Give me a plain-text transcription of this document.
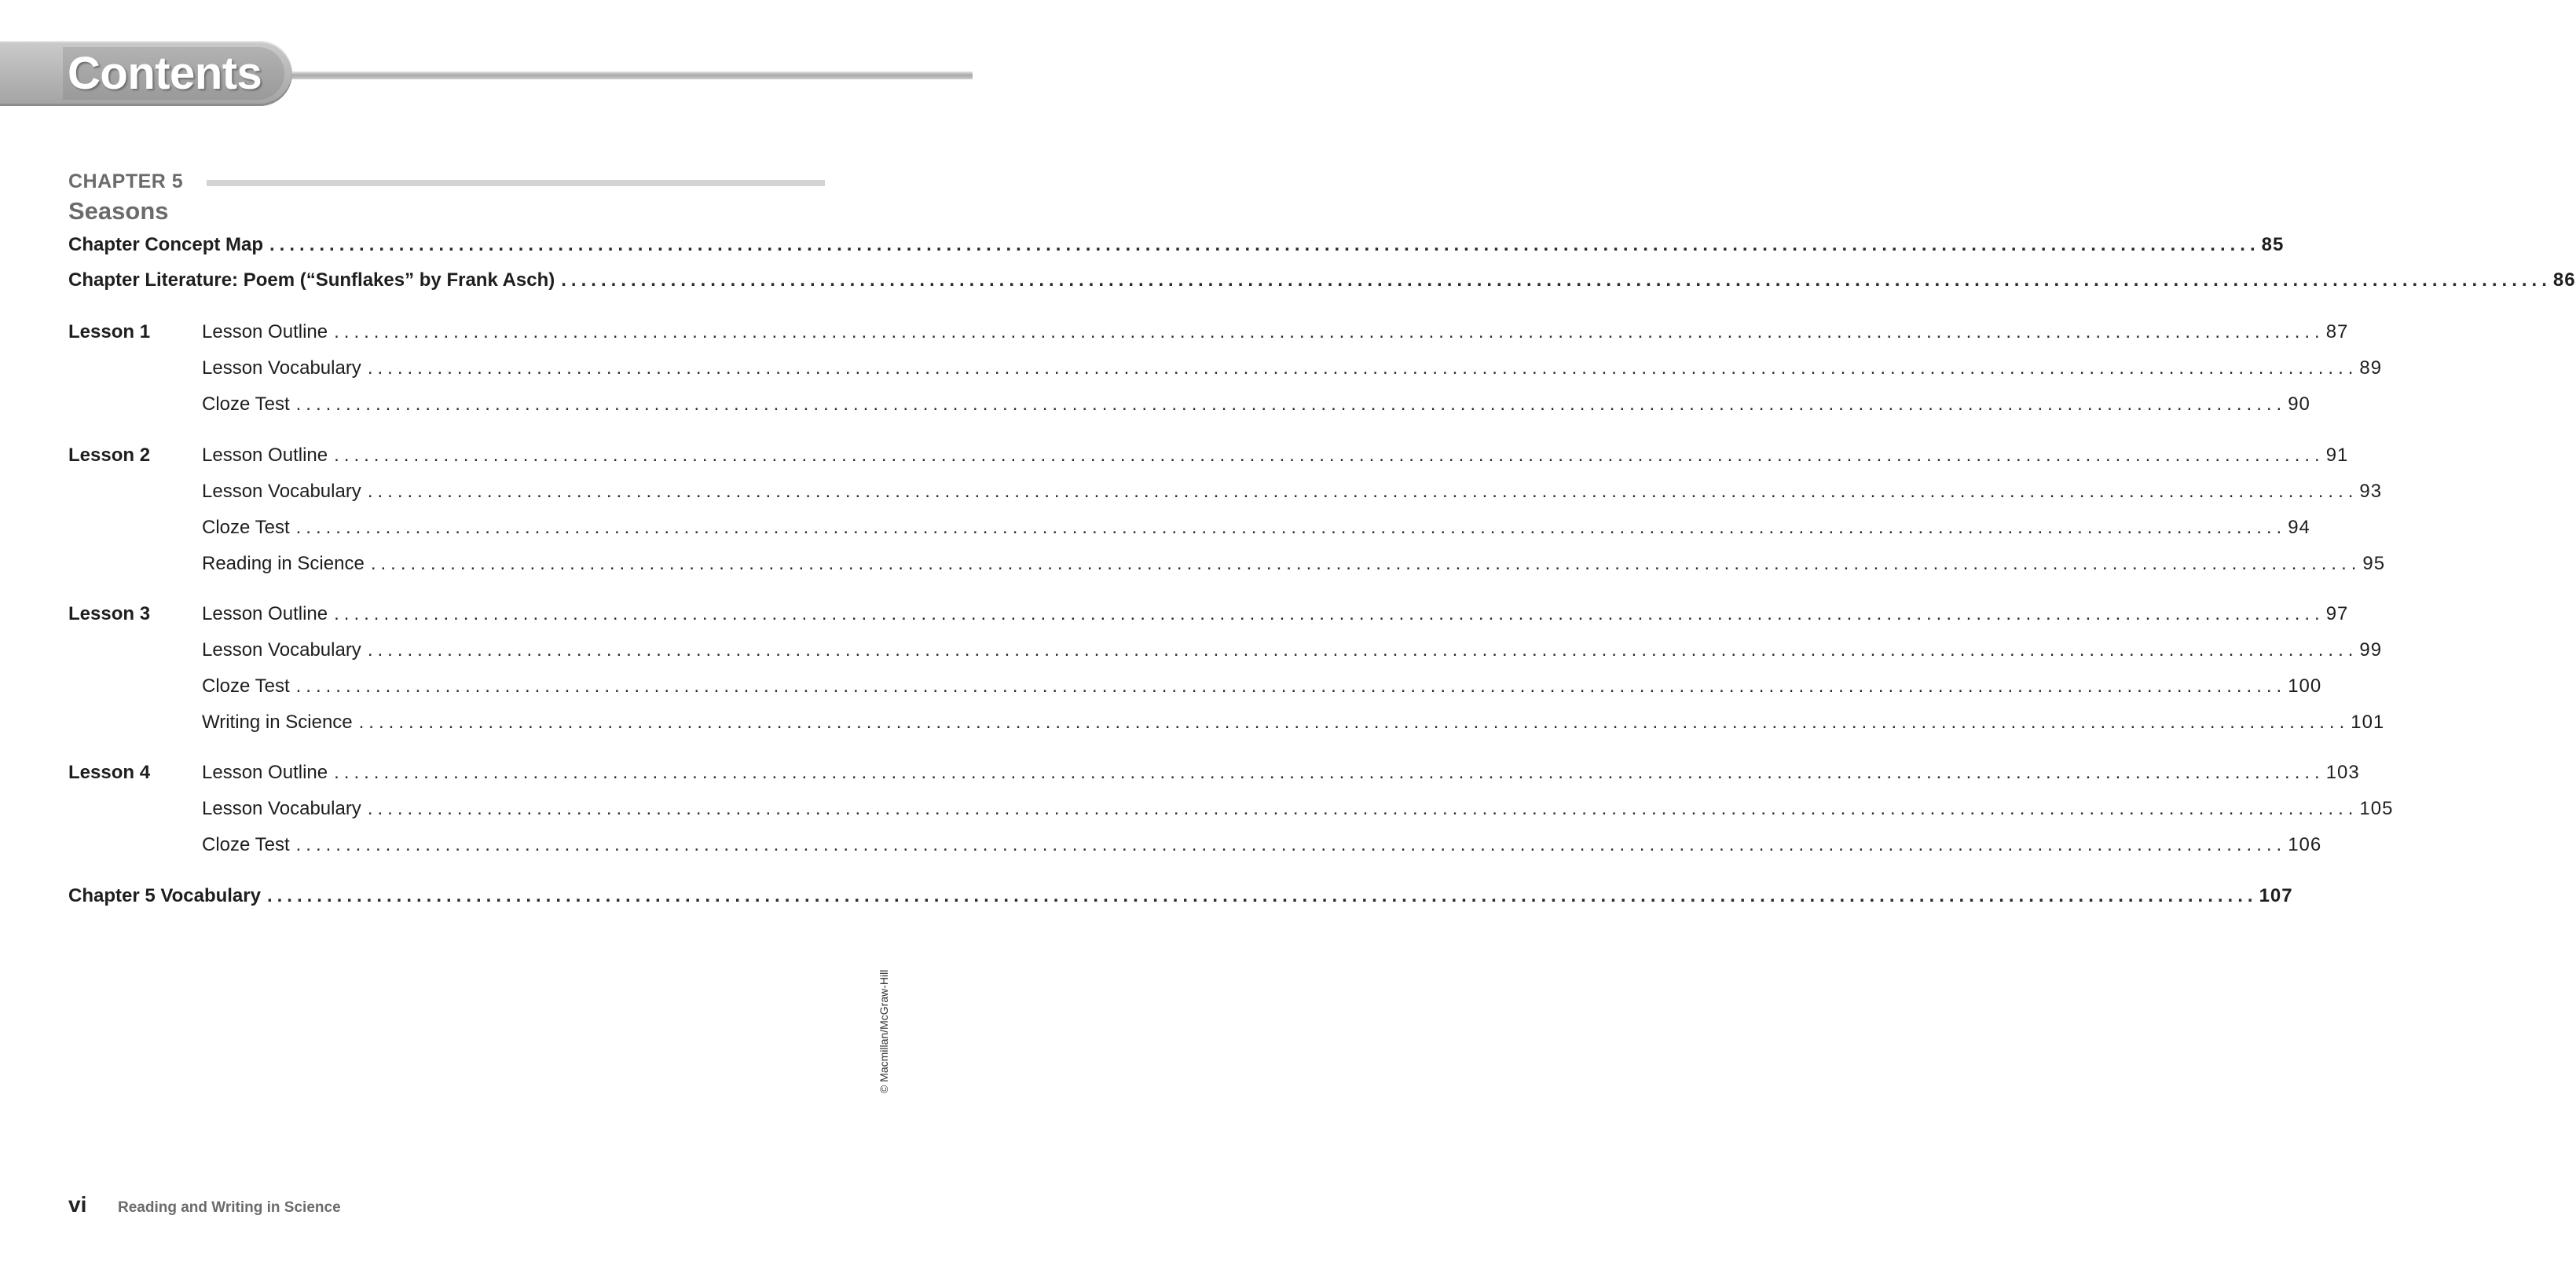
Contents
CHAPTER 5
Seasons
Chapter Concept Map ........................................................................................................................................................................................................ 85
Chapter Literature: Poem (“Sunflakes” by Frank Asch) ........................................................................................................................................................................................................ 86
Lesson 1	Lesson Outline ........................................................................................................................................................................................................ 87
Lesson Vocabulary ........................................................................................................................................................................................................ 89
Cloze Test ........................................................................................................................................................................................................ 90
Lesson 2	Lesson Outline ........................................................................................................................................................................................................ 91
Lesson Vocabulary ........................................................................................................................................................................................................ 93
Cloze Test ........................................................................................................................................................................................................ 94
Reading in Science ........................................................................................................................................................................................................ 95
Lesson 3	Lesson Outline ........................................................................................................................................................................................................ 97
Lesson Vocabulary ........................................................................................................................................................................................................ 99
Cloze Test ........................................................................................................................................................................................................ 100
Writing in Science ........................................................................................................................................................................................................ 101
Lesson 4	Lesson Outline ........................................................................................................................................................................................................ 103
Lesson Vocabulary ........................................................................................................................................................................................................ 105
Cloze Test ........................................................................................................................................................................................................ 106
Chapter 5 Vocabulary ........................................................................................................................................................................................................ 107
© Macmillan/McGraw-Hill
vi Reading and Writing in Science
